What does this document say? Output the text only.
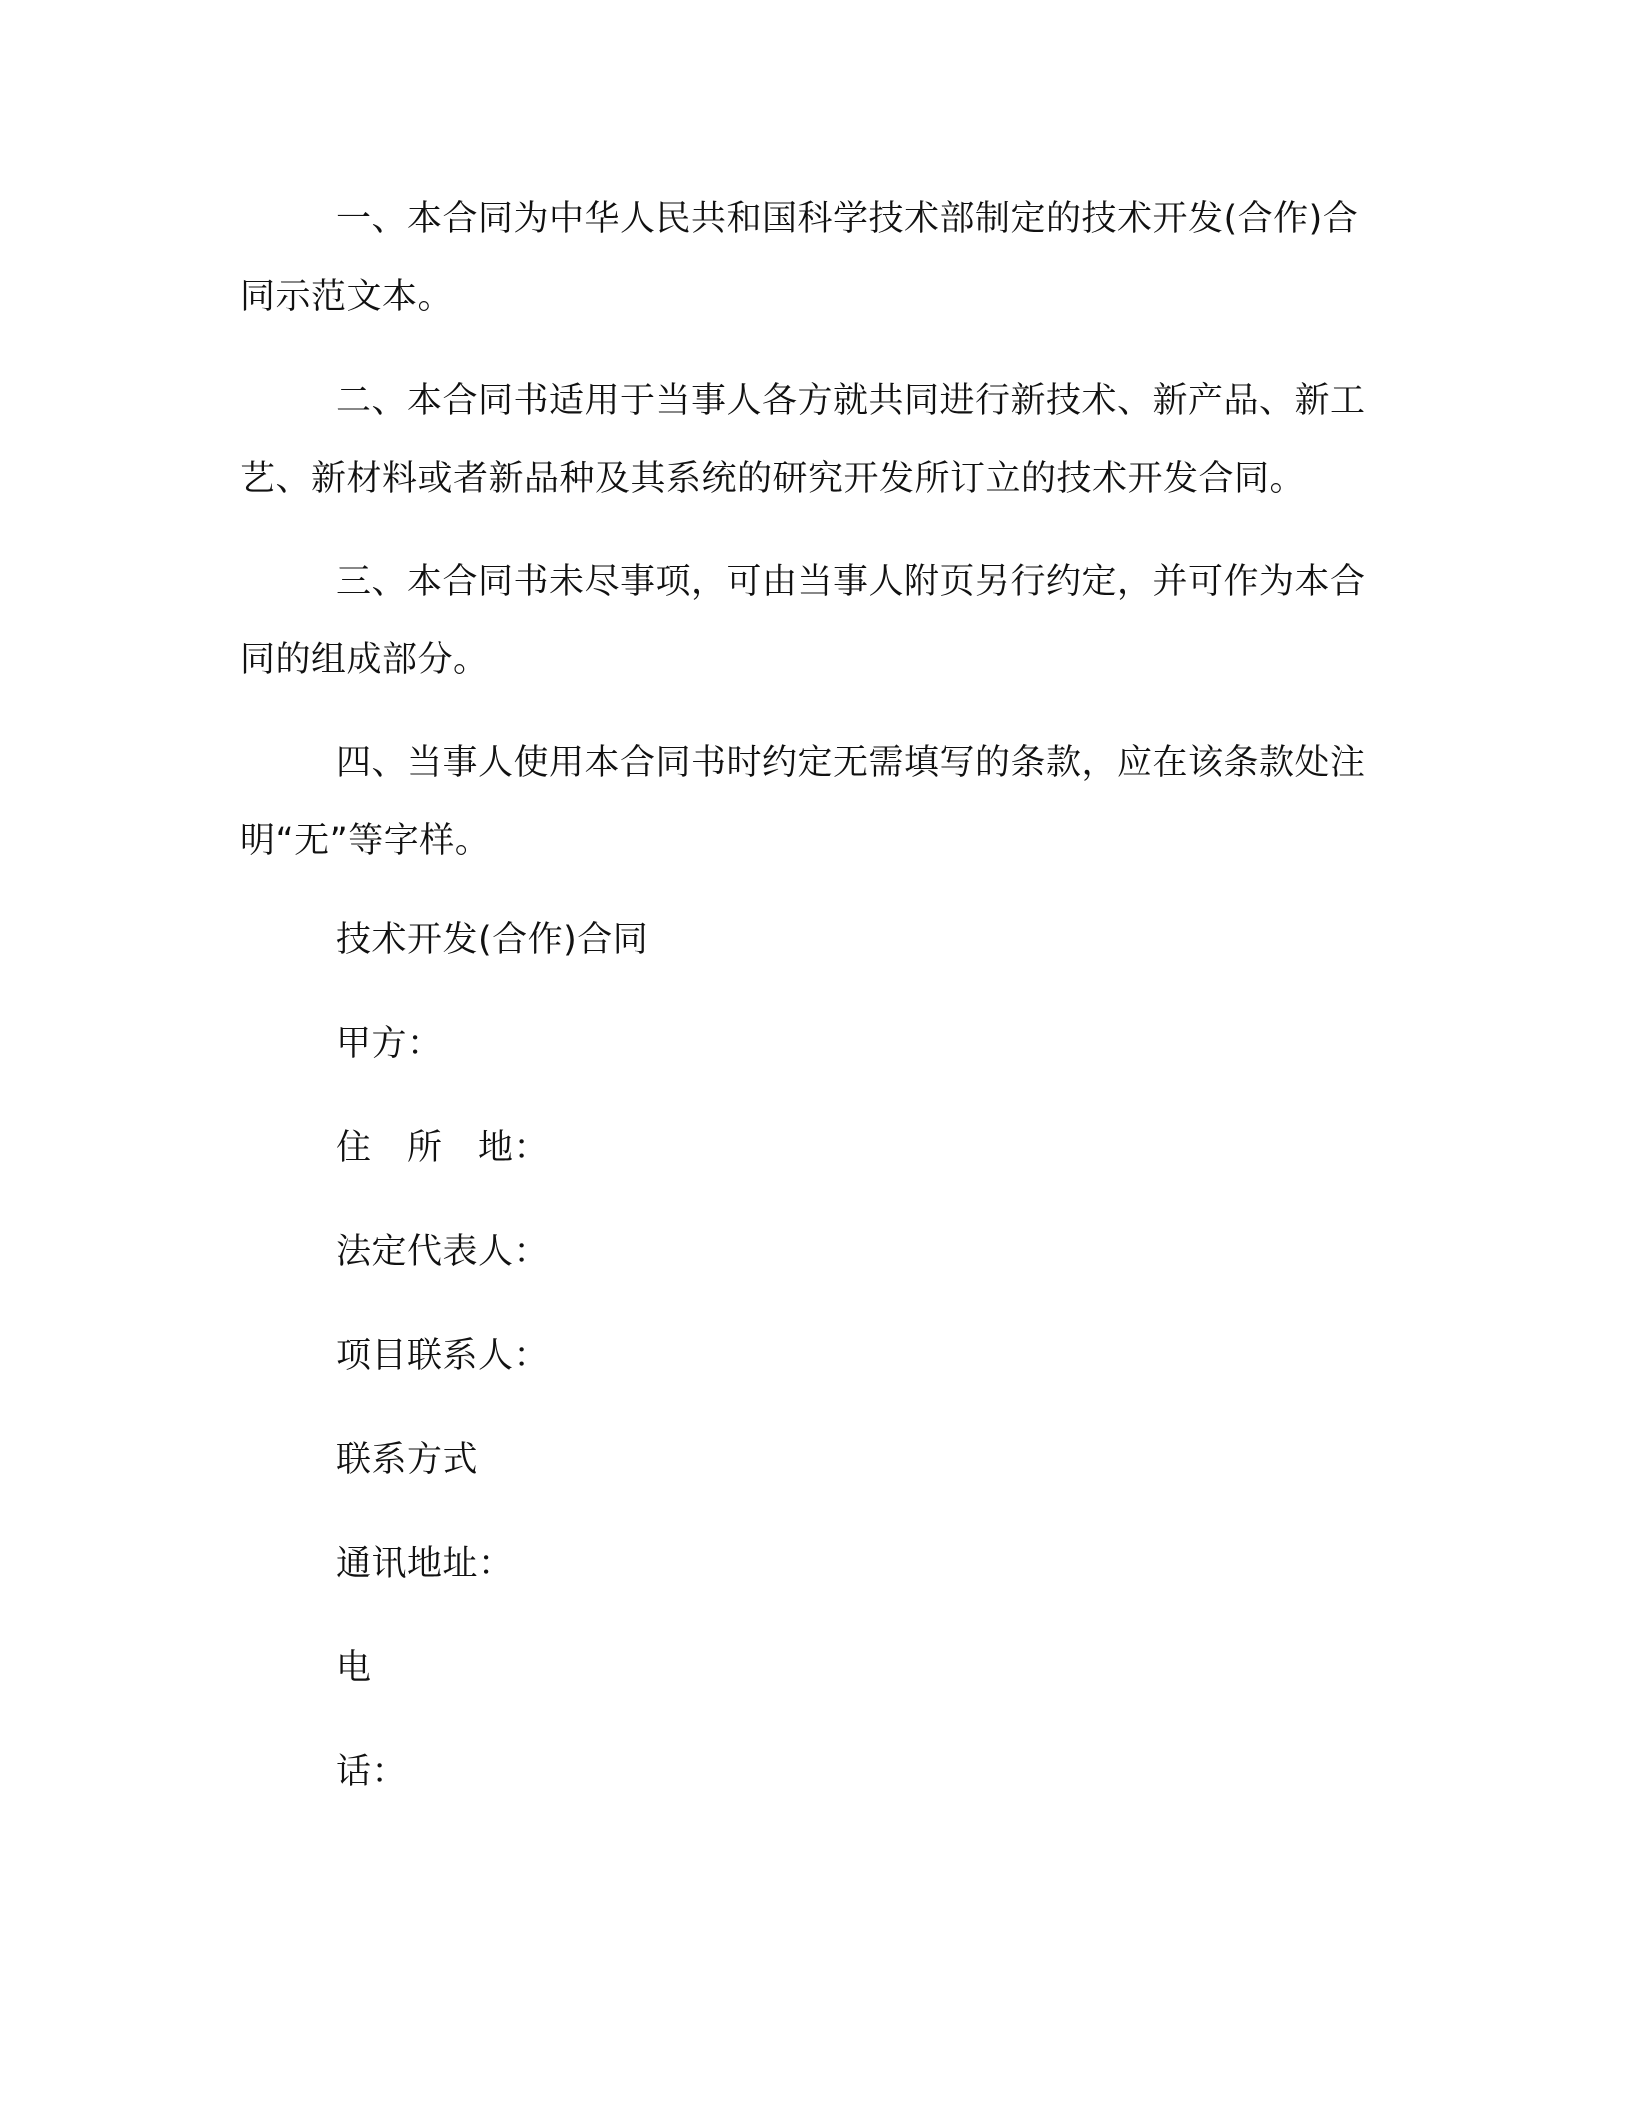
一、本合同为中华人民共和国科学技术部制定的技术开发(合作)合同示范文本。

二、本合同书适用于当事人各方就共同进行新技术、新产品、新工艺、新材料或者新品种及其系统的研究开发所订立的技术开发合同。

三、本合同书未尽事项，可由当事人附页另行约定，并可作为本合同的组成部分。

四、当事人使用本合同书时约定无需填写的条款，应在该条款处注明“无”等字样。

技术开发(合作)合同

甲方：

住　所　地：

法定代表人：

项目联系人：

联系方式

通讯地址：

电

话：
